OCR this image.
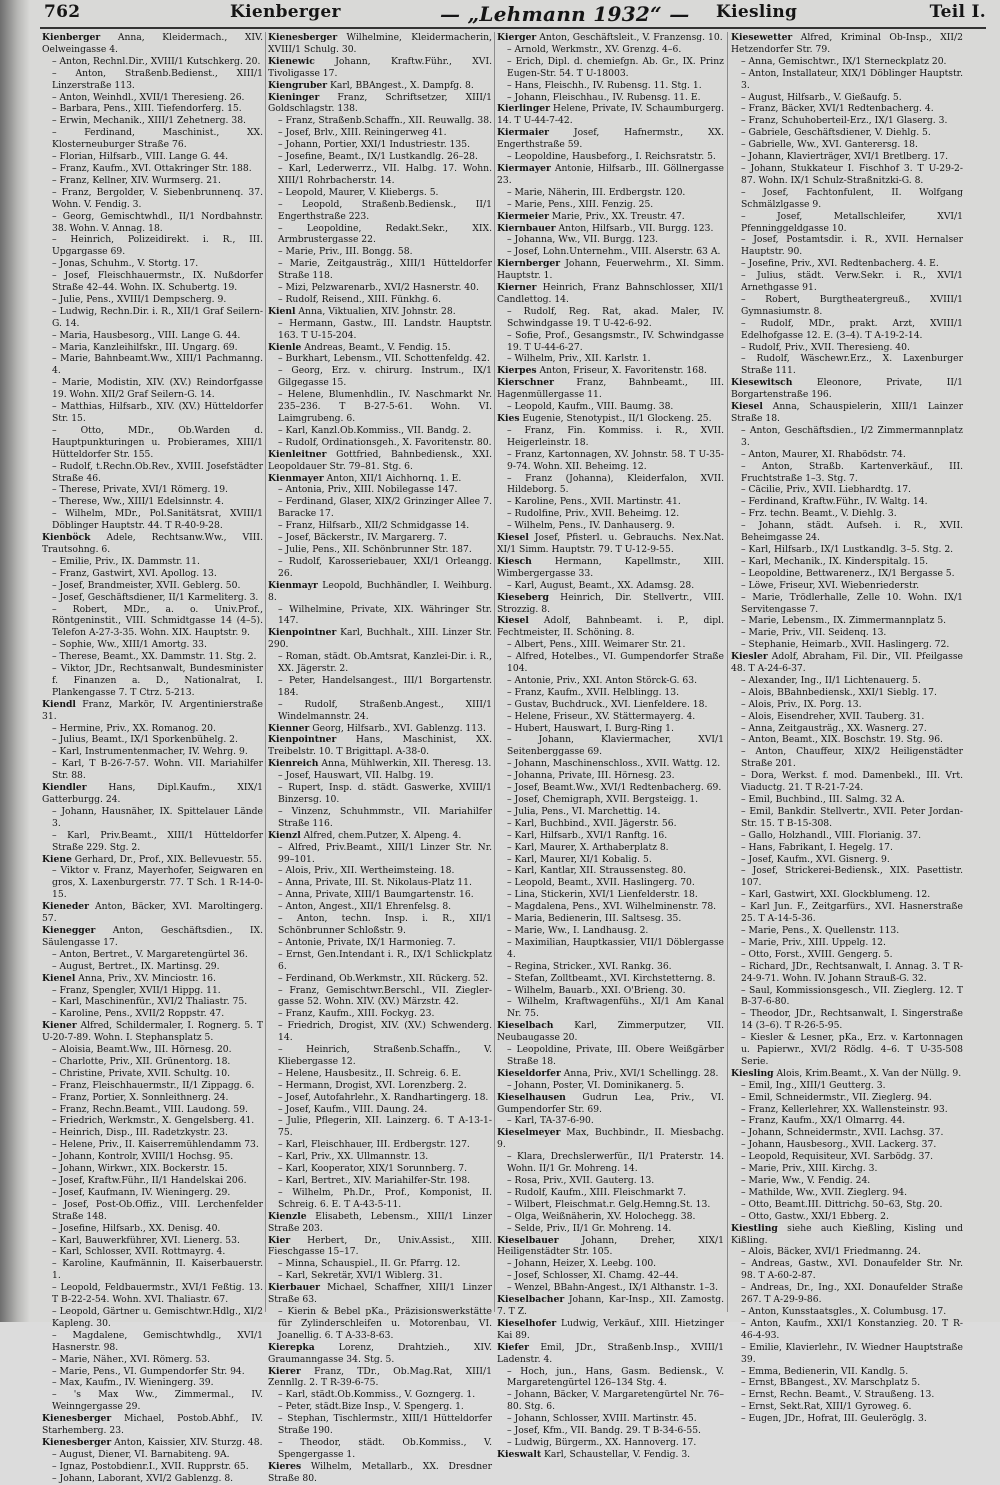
762	Kienberger	— „Lehmann 1932“ — Kiesling	Teil I.

Kienberger Anna, Kleidermach., XIV. Oelweingasse 4.

– Anton, Rechnl.Dir., XVIII/1 Kutschkerg. 20.

– Anton, Straßenb.Bedienst., XIII/1 Linzerstraße 113.

– Anton, Weinhdl., XVII/1 Theresieng. 26.

– Barbara, Pens., XIII. Tiefendorferg. 15.

– Erwin, Mechanik., XIII/1 Zehetnerg. 38.

– Ferdinand, Maschinist., XX. Klosterneuburger Straße 76.

– Florian, Hilfsarb., VIII. Lange G. 44.

– Franz, Kaufm., XVI. Ottakringer Str. 188.

– Franz, Kellner, XIV. Wurmserg. 21.

– Franz, Bergolder, V. Siebenbrunnenq. 37. Wohn. V. Fendig. 3.

– Georg, Gemischtwhdl., II/1 Nordbahnstr. 38. Wohn. V. Annag. 18.

– Heinrich, Polizeidirekt. i. R., III. Upgargasse 69.

– Jonas, Schuhm., V. Stortg. 17.

– Josef, Fleischhauermstr., IX. Nußdorfer Straße 42–44. Wohn. IX. Schubertg. 19.

– Julie, Pens., XVIII/1 Dempscherg. 9.

– Ludwig, Rechn.Dir. i. R., XII/1 Graf Seilern-G. 14.

– Maria, Hausbesorg., VIII. Lange G. 44.

– Maria, Kanzleihilfskr., III. Ungarg. 69.

– Marie, Bahnbeamt.Ww., XIII/1 Pachmanng. 4.

– Marie, Modistin, XIV. (XV.) Reindorfgasse 19. Wohn. XII/2 Graf Seilern-G. 14.

– Matthias, Hilfsarb., XIV. (XV.) Hütteldorfer Str. 15.

– Otto, MDr., Ob.Warden d. Hauptpunkturingen u. Probierames, XIII/1 Hütteldorfer Str. 155.

– Rudolf, t.Rechn.Ob.Rev., XVIII. Josefstädter Straße 46.

– Therese, Private, XVI/1 Römerg. 19.

– Therese, Ww., XIII/1 Edelsinnstr. 4.

– Wilhelm, MDr., Pol.Sanitätsrat, XVIII/1 Döblinger Hauptstr. 44. T R-40-9-28.

Kienböck Adele, Rechtsanw.Ww., VIII. Trautsohng. 6.

– Emilie, Priv., IX. Dammstr. 11.

– Franz, Gastwirt, XVI. Apollog. 13.

– Josef, Brandmeister, XVII. Geblerg. 50.

– Josef, Geschäftsdiener, II/1 Karmeliterg. 3.

– Robert, MDr., a. o. Univ.Prof., Röntgeninstit., VIII. Schmidtgasse 14 (4–5). Telefon A-27-3-35. Wohn. XIX. Hauptstr. 9.

– Sophie, Ww., XIII/1 Amortg. 33.

– Therese, Beamt., XX. Dammstr. 11. Stg. 2.

– Viktor, JDr., Rechtsanwalt, Bundesminister f. Finanzen a. D., Nationalrat, I. Plankengasse 7. T Ctrz. 5-213.

Kiendl Franz, Markör, IV. Argentinierstraße 31.

– Hermine, Priv., XX. Romanog. 20.

– Julius, Beamt., IX/1 Sporkenbühelg. 2.

– Karl, Instrumentenmacher, IV. Wehrg. 9.

– Karl, T B-26-7-57. Wohn. VII. Mariahilfer Str. 88.

Kiendler Hans, Dipl.Kaufm., XIX/1 Gatterburgg. 24.

– Johann, Hausnäher, IX. Spittelauer Lände 3.

– Karl, Priv.Beamt., XIII/1 Hütteldorfer Straße 229. Stg. 2.

Kiene Gerhard, Dr., Prof., XIX. Bellevuestr. 55.

– Viktor v. Franz, Mayerhofer, Seigwaren en gros, X. Laxenburgerstr. 77. T Sch. 1 R-14-0-15.

Kieneder Anton, Bäcker, XVI. Maroltingerg. 57.

Kienegger Anton, Geschäftsdien., IX. Säulengasse 17.

– Anton, Bertret., V. Margaretengürtel 36.

– August, Bertret., IX. Martinsg. 29.

Kienel Anna, Priv., XV. Minciostr. 16.

– Franz, Spengler, XVII/1 Hippg. 11.

– Karl, Maschinenfür., XVI/2 Thaliastr. 75.

– Karoline, Pens., XVII/2 Roppstr. 47.

Kiener Alfred, Schildermaler, I. Rognerg. 5. T U-20-7-89. Wohn. I. Stephansplatz 5.

– Aloisia, Beamt.Ww., III. Hörnesg. 20.

– Charlotte, Priv., XII. Grünentorg. 18.

– Christine, Private, XVII. Schultg. 10.

– Franz, Fleischhauermstr., II/1 Zippagg. 6.

– Franz, Portier, X. Sonnleithnerg. 24.

– Franz, Rechn.Beamt., VIII. Laudong. 59.

– Friedrich, Werkmstr., X. Gengelsberg. 41.

– Heinrich, Disp., III. Radetzkystr. 23.

– Helene, Priv., II. Kaiserremühlendamm 73.

– Johann, Kontrolr, XVIII/1 Hochsg. 95.

– Johann, Wirkwr., XIX. Bockerstr. 15.

– Josef, Kraftw.Führ., II/1 Handelskai 206.

– Josef, Kaufmann, IV. Wieningerg. 29.

– Josef, Post-Ob.Offiz., VIII. Lerchenfelder Straße 148.

– Josefine, Hilfsarb., XX. Denisg. 40.

– Karl, Bauwerkführer, XVI. Lienerg. 53.

– Karl, Schlosser, XVII. Rottmayrg. 4.

– Karoline, Kaufmännin, II. Kaiserbauerstr. 1.

– Leopold, Feldbauermstr., XVI/1 Feßtig. 13. T B-22-2-54. Wohn. XVI. Thaliastr. 67.

– Leopold, Gärtner u. Gemischtwr.Hdlg., XI/2 Kapleng. 30.

– Magdalene, Gemischtwhdlg., XVI/1 Hasnerstr. 98.

– Marie, Näher., XVI. Römerg. 53.

– Marie, Pens., VI. Gumpendorfer Str. 94.

– Max, Kaufm., IV. Wieningerg. 39.

– 's Max Ww., Zimmermal., IV. Weinngergasse 29.

Kienesberger Michael, Postob.Abhf., IV. Starhemberg. 23.

Kienesberger Anton, Kaissier, XIV. Sturzg. 48.

– August, Diener, VI. Barnabiteng. 9A.

– Ignaz, Postobdienr.I., XVII. Rupprstr. 65.

– Johann, Laborant, XVI/2 Gablenzg. 8.

Kienesberger Wilhelmine, Kleidermacherin, XVIII/1 Schulg. 30.

Kienewic Johann, Kraftw.Führ., XVI. Tivoligasse 17.

Kiengruber Karl, BBAngest., X. Dampfg. 8.

Kieninger Franz, Schriftsetzer, XIII/1 Goldschlagstr. 138.

– Franz, Straßenb.Schaffn., XII. Reuwallg. 38.

– Josef, Brlv., XIII. Reiningerweg 41.

– Johann, Portier, XXI/1 Industriestr. 135.

– Josefine, Beamt., IX/1 Lustkandlg. 26–28.

– Karl, Lederwerrz., VII. Halbg. 17. Wohn. XIII/1 Rohrbacherstr. 14.

– Leopold, Maurer, V. Kliebergs. 5.

– Leopold, Straßenb.Bediensk., II/1 Engerthstraße 223.

– Leopoldine, Redakt.Sekr., XIX. Armbrustergasse 22.

– Marie, Priv., III. Bongg. 58.

– Marie, Zeitgausträg., XIII/1 Hütteldorfer Straße 118.

– Mizi, Pelzwarenarb., XVI/2 Hasnerstr. 40.

– Rudolf, Reisend., XIII. Fünkhg. 6.

Kienl Anna, Viktualien, XIV. Johnstr. 28.

– Hermann, Gastw., III. Landstr. Hauptstr. 163. T U-15-204.

Kienle Andreas, Beamt., V. Fendig. 15.

– Burkhart, Lebensm., VII. Schottenfeldg. 42.

– Georg, Erz. v. chirurg. Instrum., IX/1 Gilgegasse 15.

– Helene, Blumenhdlin., IV. Naschmarkt Nr. 235–236. T B-27-5-61. Wohn. VI. Laimgrubeng. 6.

– Karl, Kanzl.Ob.Kommiss., VII. Bandg. 2.

– Rudolf, Ordinationsgeh., X. Favoritenstr. 80.

Kienleitner Gottfried, Bahnbediensk., XXI. Leopoldauer Str. 79–81. Stg. 6.

Kienmayer Anton, XII/1 Aichhornq. 1. E.

– Antonia, Priv., XIII. Nobilegasse 147.

– Ferdinand, Glaser, XIX/2 Grinzinger Allee 7. Baracke 17.

– Franz, Hilfsarb., XII/2 Schmidgasse 14.

– Josef, Bäckerstr., IV. Margarerg. 7.

– Julie, Pens., XII. Schönbrunner Str. 187.

– Rudolf, Karosseriebauer, XXI/1 Orleangg. 26.

Kienmayr Leopold, Buchhändler, I. Weihburg. 8.

– Wilhelmine, Private, XIX. Währinger Str. 147.

Kienpointner Karl, Buchhalt., XIII. Linzer Str. 290.

– Roman, städt. Ob.Amtsrat, Kanzlei-Dir. i. R., XX. Jägerstr. 2.

– Peter, Handelsangest., III/1 Borgartenstr. 184.

– Rudolf, Straßenb.Angest., XIII/1 Windelmannstr. 24.

Kienner Georg, Hilfsarb., XVI. Gablenzg. 113.

Kienpointner Hans, Maschinist, XX. Treibelstr. 10. T Brigittapl. A-38-0.

Kienreich Anna, Mühlwerkin, XII. Theresg. 13.

– Josef, Hauswart, VII. Halbg. 19.

– Rupert, Insp. d. städt. Gaswerke, XVIII/1 Binzersg. 10.

– Vinzenz, Schuhmmstr., VII. Mariahilfer Straße 116.

Kienzl Alfred, chem.Putzer, X. Alpeng. 4.

– Alfred, Priv.Beamt., XIII/1 Linzer Str. Nr. 99–101.

– Alois, Priv., XII. Wertheimsteing. 18.

– Anna, Private, III. St. Nikolaus-Platz 11.

– Anna, Private, XIII/1 Baumgartenstr. 16.

– Anton, Angest., XII/1 Ehrenfelsg. 8.

– Anton, techn. Insp. i. R., XII/1 Schönbrunner Schloßstr. 9.

– Antonie, Private, IX/1 Harmonieg. 7.

– Ernst, Gen.Intendant i. R., IX/1 Schlickplatz 6.

– Ferdinand, Ob.Werkmstr., XII. Rückerg. 52.

– Franz, Gemischtwr.Berschl., VII. Zieglergasse 52. Wohn. XIV. (XV.) Märzstr. 42.

– Franz, Kaufm., XIII. Fockyg. 23.

– Friedrich, Drogist, XIV. (XV.) Schwenderg. 14.

– Heinrich, Straßenb.Schaffn., V. Kliebergasse 12.

– Helene, Hausbesitz., II. Schreig. 6. E.

– Hermann, Drogist, XVI. Lorenzberg. 2.

– Josef, Autofahrlehr., X. Randhartingerg. 18.

– Josef, Kaufm., VIII. Daung. 24.

– Julie, Pflegerin, XII. Lainzerg. 6. T A-13-1-75.

– Karl, Fleischhauer, III. Erdbergstr. 127.

– Karl, Priv., XX. Ullmannstr. 13.

– Karl, Kooperator, XIX/1 Sorunnberg. 7.

– Karl, Bertret., XIV. Mariahilfer-Str. 198.

– Wilhelm, Ph.Dr., Prof., Komponist, II. Schreig. 6. E. T A-43-5-11.

Kienzle Elisabeth, Lebensm., XIII/1 Linzer Straße 203.

Kier Herbert, Dr., Univ.Assist., XIII. Fieschgasse 15–17.

– Minna, Schauspiel., II. Gr. Pfarrg. 12.

– Karl, Sekretär, XVI/1 Wiblerg. 31.

Kierbauer Michael, Schaffner, XIII/1 Linzer Straße 63.

– Kierin & Bebel pKa., Präzisionswerkstätte für Zylinderschleifen u. Motorenbau, VI. Joanellig. 6. T A-33-8-63.

Kierepka Lorenz, Drahtzieh., XIV. Graumanngasse 34. Stg. 5.

Kierer Franz, TDr., Ob.Mag.Rat, XIII/1 Zennllg. 2. T R-39-6-75.

– Karl, städt.Ob.Kommiss., V. Gozngerg. 1.

– Peter, städt.Bize Insp., V. Spengerg. 1.

– Stephan, Tischlermstr., XIII/1 Hütteldorfer Straße 190.

– Theodor, städt. Ob.Kommiss., V. Spengergasse 1.

Kieres Wilhelm, Metallarb., XX. Dresdner Straße 80.

Kierger Anton, Geschäftsleit., V. Franzensg. 10.

– Arnold, Werkmstr., XV. Grenzg. 4–6.

– Erich, Dipl. d. chemiefgn. Ab. Gr., IX. Prinz Eugen-Str. 54. T U-18003.

– Hans, Fleischh., IV. Rubensg. 11. Stg. 1.

– Johann, Fleischhau., IV. Rubensg. 11. E.

Kierlinger Helene, Private, IV. Schaumburgerg. 14. T U-44-7-42.

Kiermaier Josef, Hafnermstr., XX. Engerthstraße 59.

– Leopoldine, Hausbeforg., I. Reichsratstr. 5.

Kiermayer Antonie, Hilfsarb., III. Göllnergasse 23.

– Marie, Näherin, III. Erdbergstr. 120.

– Marie, Pens., XIII. Fenzig. 25.

Kiermeier Marie, Priv., XX. Treustr. 47.

Kiernbauer Anton, Hilfsarb., VII. Burgg. 123.

– Johanna, Ww., VII. Burgg. 123.

– Josef, Lohn.Unternehm., VIII. Alserstr. 63 A.

Kiernberger Johann, Feuerwehrm., XI. Simm. Hauptstr. 1.

Kierner Heinrich, Franz Bahnschlosser, XII/1 Candlettog. 14.

– Rudolf, Reg. Rat, akad. Maler, IV. Schwindgasse 19. T U-42-6-92.

– Sofie, Prof., Gesangsmstr., IV. Schwindgasse 19. T U-44-6-27.

– Wilhelm, Priv., XII. Karlstr. 1.

Kierpes Anton, Friseur, X. Favoritenstr. 168.

Kierschner Franz, Bahnbeamt., III. Hagenmüllergasse 11.

– Leopold, Kaufm., VIII. Baumg. 38.

Kies Eugenie, Stenotypist., II/1 Glockeng. 25.

– Franz, Fin. Kommiss. i. R., XVII. Heigerleinstr. 18.

– Franz, Kartonnagen, XV. Johnstr. 58. T U-35-9-74. Wohn. XII. Beheimg. 12.

– Franz (Johanna), Kleiderfalon, XVII. Hildeborg. 5.

– Karoline, Pens., XVII. Martinstr. 41.

– Rudolfine, Priv., XVII. Beheimg. 12.

– Wilhelm, Pens., IV. Danhauserg. 9.

Kiesel Josef, Pfisterl. u. Gebrauchs. Nex.Nat. XI/1 Simm. Hauptstr. 79. T U-12-9-55.

Kiesch Hermann, Kapellmstr., XIII. Wimbergergasse 33.

– Karl, August, Beamt., XX. Adamsg. 28.

Kieseberg Heinrich, Dir. Stellvertr., VIII. Strozzig. 8.

Kiesel Adolf, Bahnbeamt. i. P., dipl. Fechtmeister, II. Schöning. 8.

– Albert, Pens., XIII. Weimarer Str. 21.

– Alfred, Hotelbes., VI. Gumpendorfer Straße 104.

– Antonie, Priv., XXI. Anton Störck-G. 63.

– Franz, Kaufm., XVII. Helblingg. 13.

– Gustav, Buchdruck., XVI. Lienfeldere. 18.

– Helene, Friseur., XV. Stättermayerg. 4.

– Hubert, Hauswart, I. Burg-Ring 1.

– Johann, Klaviermacher, XVI/1 Seitenberggasse 69.

– Johann, Maschinenschloss., XVII. Wattg. 12.

– Johanna, Private, III. Hörnesg. 23.

– Josef, Beamt.Ww., XVI/1 Redtenbacherg. 69.

– Josef, Chemigraph, XVII. Bergsteigg. 1.

– Julia, Pens., VI. Marchettig. 14.

– Karl, Buchbind., XVII. Jägerstr. 56.

– Karl, Hilfsarb., XVI/1 Ranftg. 16.

– Karl, Maurer, X. Arthaberplatz 8.

– Karl, Maurer, XI/1 Kobalig. 5.

– Karl, Kantlar, XII. Straussensteg. 80.

– Leopold, Beamt., XVII. Haslingerg. 70.

– Lina, Stickerin, XVI/1 Lienfelderstr. 18.

– Magdalena, Pens., XVI. Wilhelminenstr. 78.

– Maria, Bedienerin, III. Saltsesg. 35.

– Marie, Ww., I. Landhausg. 2.

– Maximilian, Hauptkassier, VII/1 Döblergasse 4.

– Regina, Stricker., XVI. Rankg. 36.

– Stefan, Zolltbeamt., XVI. Kirchstetterng. 8.

– Wilhelm, Bauarb., XXI. O'Brieng. 30.

– Wilhelm, Kraftwagenfühs., XI/1 Am Kanal Nr. 75.

Kieselbach Karl, Zimmerputzer, VII. Neubaugasse 20.

– Leopoldine, Private, III. Obere Weißgärber Straße 18.

Kieseldorfer Anna, Priv., XVI/1 Schellingg. 28.

– Johann, Poster, VI. Dominikanerg. 5.

Kieselhausen Gudrun Lea, Priv., VI. Gumpendorfer Str. 69.

– Karl, TA-37-6-90.

Kieselmeyer Max, Buchbindr., II. Miesbachg. 9.

– Klara, Drechslerwerfür., II/1 Praterstr. 14. Wohn. II/1 Gr. Mohreng. 14.

– Rosa, Priv., XVII. Gauterg. 13.

– Rudolf, Kaufm., XIII. Fleischmarkt 7.

– Wilbert, Fleischmat.r. Gelg.Hemng.St. 13.

– Olga, Weißnäherin, XV. Holochegg. 38.

– Selde, Priv., II/1 Gr. Mohreng. 14.

Kieselbauer Johann, Dreher, XIX/1 Heiligenstädter Str. 105.

– Johann, Heizer, X. Leebg. 100.

– Josef, Schlosser, XI. Chamg. 42–44.

– Wenzel, BBahn-Angest., IX/1 Althanstr. 1–3.

Kieselbacher Johann, Kar-Insp., XII. Zamostg. 7. T Z.

Kieselhofer Ludwig, Verkäuf., XIII. Hietzinger Kai 89.

Kiefer Emil, JDr., Straßenb.Insp., XVIII/1 Ladenstr. 4.

– Hoch, jun., Hans, Gasm. Bediensk., V. Margaretengürtel 126–134 Stg. 4.

– Johann, Bäcker, V. Margaretengürtel Nr. 76–80. Stg. 6.

– Johann, Schlosser, XVIII. Martinstr. 45.

– Josef, Kfm., VII. Bandg. 29. T B-34-6-55.

– Ludwig, Bürgerm., XX. Hannoverg. 17.

Kieswalt Karl, Schaustellar, V. Fendig. 3.

Kiesewetter Alfred, Kriminal Ob-Insp., XII/2 Hetzendorfer Str. 79.

– Anna, Gemischtwr., IX/1 Sterneckplatz 20.

– Anton, Installateur, XIX/1 Döblinger Hauptstr. 3.

– August, Hilfsarb., V. Gießaufg. 5.

– Franz, Bäcker, XVI/1 Redtenbacherg. 4.

– Franz, Schuhoberteil-Erz., IX/1 Glaserg. 3.

– Gabriele, Geschäftsdiener, V. Diehlg. 5.

– Gabrielle, Ww., XVI. Ganterersg. 18.

– Johann, Klavierträger, XVI/1 Bretlberg. 17.

– Johann, Stukkateur I. Fischhof 3. T U-29-2-87. Wohn. IX/1 Schulz-Straßnitzki-G. 8.

– Josef, Fachtonfulent, II. Wolfgang Schmälzlgasse 9.

– Josef, Metallschleifer, XVI/1 Pfenninggeldgasse 10.

– Josef, Postamtsdir. i. R., XVII. Hernalser Hauptstr. 90.

– Josefine, Priv., XVI. Redtenbacherg. 4. E.

– Julius, städt. Verw.Sekr. i. R., XVI/1 Arnethgasse 91.

– Robert, Burgtheatergreuß., XVIII/1 Gymnasiumstr. 8.

– Rudolf, MDr., prakt. Arzt, XVIII/1 Edelhofgasse 12. E. (3–4). T A-19-2-14.

– Rudolf, Priv., XVII. Theresieng. 40.

– Rudolf, Wäschewr.Erz., X. Laxenburger Straße 111.

Kiesewitsch Eleonore, Private, II/1 Borgartenstraße 196.

Kiesel Anna, Schauspielerin, XIII/1 Lainzer Straße 18.

– Anton, Geschäftsdien., I/2 Zimmermannplatz 3.

– Anton, Maurer, XI. Rhabödstr. 74.

– Anton, Straßb. Kartenverkäuf., III. Fruchtstraße 1–3. Stg. 7.

– Cäcilie, Priv., XVII. Liebhardtg. 17.

– Ferdinand, Kraftw.Führ., IV. Waltg. 14.

– Frz. techn. Beamt., V. Diehlg. 3.

– Johann, städt. Aufseh. i. R., XVII. Beheimgasse 24.

– Karl, Hilfsarb., IX/1 Lustkandlg. 3–5. Stg. 2.

– Karl, Mechanik., IX. Kinderspitalg. 15.

– Leopoldine, Bettwarenerz., IX/1 Bergasse 5.

– Löwe, Friseur, XVI. Wiebenriederstr.

– Marie, Trödlerhalle, Zelle 10. Wohn. IX/1 Servitengasse 7.

– Marie, Lebensm., IX. Zimmermannplatz 5.

– Marie, Priv., VII. Seidenq. 13.

– Stephanie, Heimarb., XVII. Haslingerg. 72.

Kiesler Adolf, Abraham, Fil. Dir., VII. Pfeilgasse 48. T A-24-6-37.

– Alexander, Ing., II/1 Lichtenauerg. 5.

– Alois, BBahnbediensk., XXI/1 Sieblg. 17.

– Alois, Priv., IX. Porg. 13.

– Alois, Eisendreher, XVII. Tauberg. 31.

– Anna, Zeitgausträg., XX. Wasnerg. 27.

– Anton, Beamt., XIX. Boschstr. 19. Stg. 96.

– Anton, Chauffeur, XIX/2 Heiligenstädter Straße 201.

– Dora, Werkst. f. mod. Damenbekl., III. Vrt. Viaductg. 21. T R-21-7-24.

– Emil, Buchbind., III. Salmg. 32 A.

– Emil, Bankdir. Stellvertr., XVII. Peter Jordan-Str. 15. T B-15-308.

– Gallo, Holzhandl., VIII. Florianig. 37.

– Hans, Fabrikant, I. Hegelg. 17.

– Josef, Kaufm., XVI. Gisnerg. 9.

– Josef, Strickerei-Bediensk., XIX. Pasettistr. 107.

– Karl, Gastwirt, XXI. Glockblumeng. 12.

– Karl Jun. F., Zeitgarfürs., XVI. Hasnerstraße 25. T A-14-5-36.

– Marie, Pens., X. Quellenstr. 113.

– Marie, Priv., XIII. Uppelg. 12.

– Otto, Forst., XVIII. Gengerg. 5.

– Richard, JDr., Rechtsanwalt, I. Annag. 3. T R-24-9-71. Wohn. IV. Johann Strauß-G. 32.

– Saul, Kommissionsgesch., VII. Zieglerg. 12. T B-37-6-80.

– Theodor, JDr., Rechtsanwalt, I. Singerstraße 14 (3–6). T R-26-5-95.

– Kiesler & Lesner, pKa., Erz. v. Kartonnagen u. Papierwr., XVI/2 Rödlg. 4–6. T U-35-508 Serie.

Kiesling Alois, Krim.Beamt., X. Van der Nüllg. 9.

– Emil, Ing., XIII/1 Geutterg. 3.

– Emil, Schneidermstr., VII. Zieglerg. 94.

– Franz, Kellerlehrer, XX. Wallensteinstr. 93.

– Franz, Kaufm., XX/1 Olmarrg. 44.

– Johann, Schneidermstr., XVII. Lachsg. 37.

– Johann, Hausbesorg., XVII. Lackerg. 37.

– Leopold, Requisiteur, XVI. Sarbödg. 37.

– Marie, Priv., XIII. Kirchg. 3.

– Marie, Ww., V. Fendig. 24.

– Mathilde, Ww., XVII. Zieglerg. 94.

– Otto, Beamt.III. Dittrichg. 50–63, Stg. 20.

– Otto, Gastw., XXI/1 Ebberg. 2.

Kiestling siehe auch Kießling, Kisling und Kißling.

– Alois, Bäcker, XVI/1 Friedmanng. 24.

– Andreas, Gastw., XVI. Donaufelder Str. Nr. 98. T A-60-2-87.

– Andreas, Dr., Ing., XXI. Donaufelder Straße 267. T A-29-9-86.

– Anton, Kunsstaatsgles., X. Columbusg. 17.

– Anton, Kaufm., XXI/1 Konstanzieg. 20. T R-46-4-93.

– Emilie, Klavierlehr., IV. Wiedner Hauptstraße 39.

– Emma, Bedienerin, VII. Kandlg. 5.

– Ernst, BBangest., XV. Marschplatz 5.

– Ernst, Rechn. Beamt., V. Straußeng. 13.

– Ernst, Sekt.Rat, XIII/1 Gyroweg. 6.

– Eugen, JDr., Hofrat, III. Geuleröglg. 3.
